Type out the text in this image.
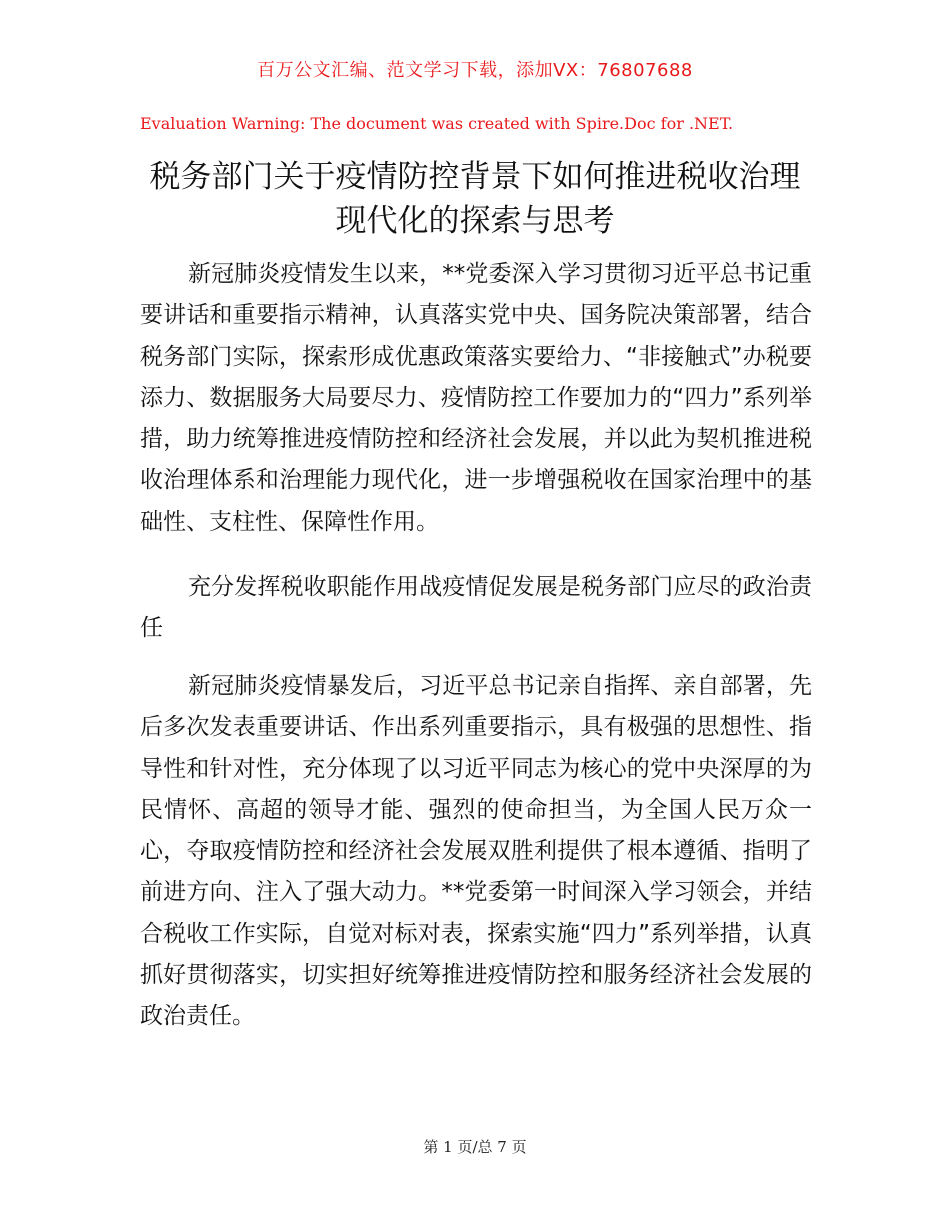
百万公文汇编、范文学习下载，添加VX：76807688
Evaluation Warning: The document was created with Spire.Doc for .NET.
税务部门关于疫情防控背景下如何推进税收治理现代化的探索与思考

新冠肺炎疫情发生以来，**党委深入学习贯彻习近平总书记重要讲话和重要指示精神，认真落实党中央、国务院决策部署，结合税务部门实际，探索形成优惠政策落实要给力、“非接触式”办税要添力、数据服务大局要尽力、疫情防控工作要加力的“四力”系列举措，助力统筹推进疫情防控和经济社会发展，并以此为契机推进税收治理体系和治理能力现代化，进一步增强税收在国家治理中的基础性、支柱性、保障性作用。

充分发挥税收职能作用战疫情促发展是税务部门应尽的政治责任

新冠肺炎疫情暴发后，习近平总书记亲自指挥、亲自部署，先后多次发表重要讲话、作出系列重要指示，具有极强的思想性、指导性和针对性，充分体现了以习近平同志为核心的党中央深厚的为民情怀、高超的领导才能、强烈的使命担当，为全国人民万众一心，夺取疫情防控和经济社会发展双胜利提供了根本遵循、指明了前进方向、注入了强大动力。**党委第一时间深入学习领会，并结合税收工作实际，自觉对标对表，探索实施“四力”系列举措，认真抓好贯彻落实，切实担好统筹推进疫情防控和服务经济社会发展的政治责任。

第 1 页/总 7 页
